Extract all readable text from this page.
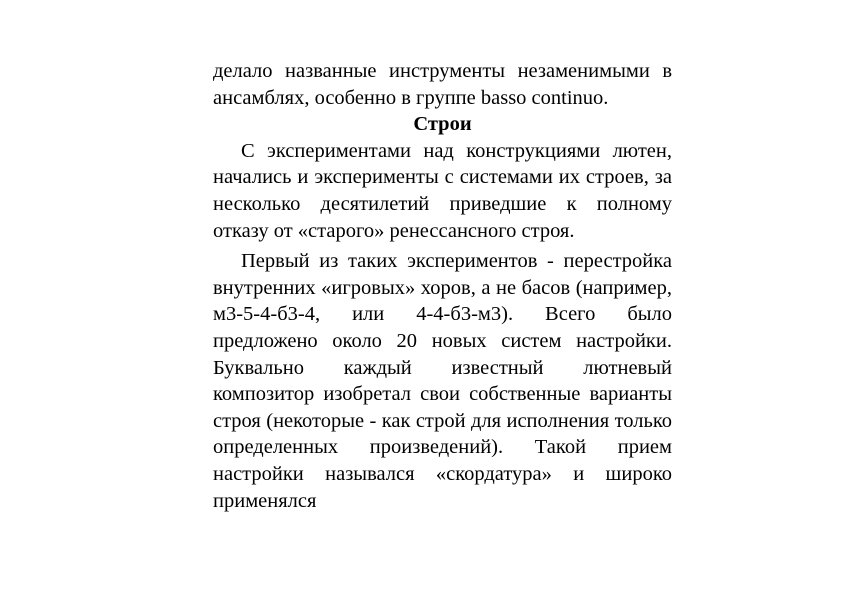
делало названные инструменты незаменимыми в ансамблях, особенно в группе basso continuo.

Строи

С экспериментами над конструкциями лютен, начались и эксперименты с системами их строев, за несколько десятилетий приведшие к полному отказу от «старого» ренессансного строя.

Первый из таких экспериментов - перестройка внутренних «игровых» хоров, а не басов (например, м3-5-4-б3-4, или 4-4-б3-м3). Всего было предложено около 20 новых систем настройки. Буквально каждый известный лютневый композитор изобретал свои собственные варианты строя (некоторые - как строй для исполнения только определенных произведений). Такой прием настройки назывался «скордатура» и широко применялся
